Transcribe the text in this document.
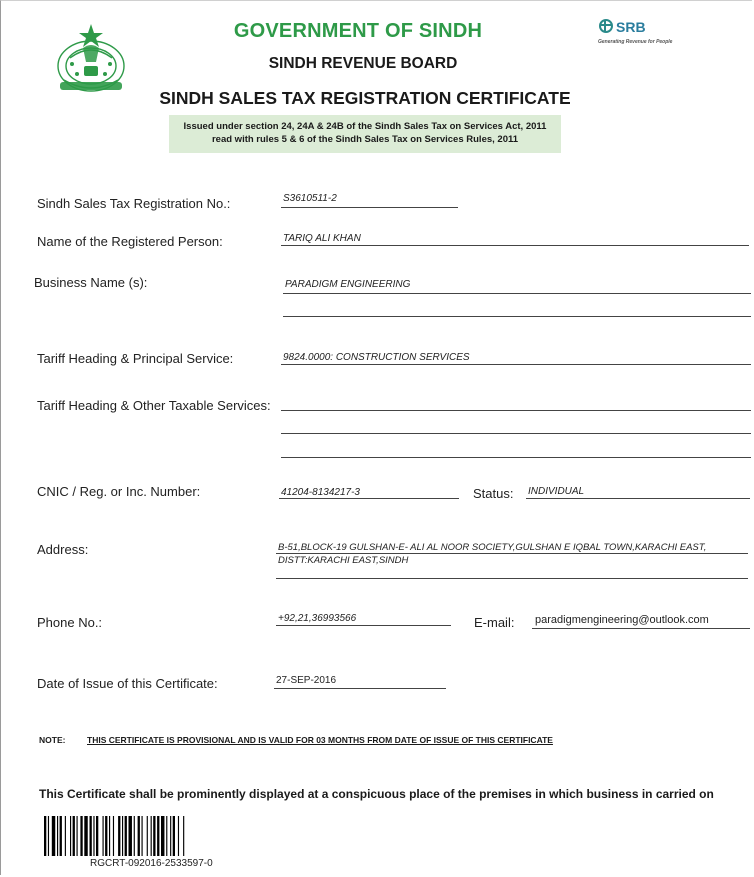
GOVERNMENT OF SINDH
SINDH REVENUE BOARD
SINDH SALES TAX REGISTRATION CERTIFICATE
SRB
Generating Revenue for People
Issued under section 24, 24A & 24B of the Sindh Sales Tax on Services Act, 2011
read with rules 5 & 6 of the Sindh Sales Tax on Services Rules, 2011
Sindh Sales Tax Registration No.:	S3610511-2
Name of the Registered Person:	TARIQ ALI KHAN
Business Name (s):	PARADIGM ENGINEERING
Tariff Heading & Principal Service:	9824.0000: CONSTRUCTION SERVICES
Tariff Heading & Other Taxable Services:
CNIC / Reg. or Inc. Number:	41204-8134217-3	Status: INDIVIDUAL
Address:	B-51,BLOCK-19 GULSHAN-E- ALI AL NOOR SOCIETY,GULSHAN E IQBAL TOWN,KARACHI EAST,
DISTT:KARACHI EAST,SINDH
Phone No.:	+92,21,36993566	E-mail: paradigmengineering@outlook.com
Date of Issue of this Certificate:	27-SEP-2016
NOTE:	THIS CERTIFICATE IS PROVISIONAL AND IS VALID FOR 03 MONTHS FROM DATE OF ISSUE OF THIS CERTIFICATE
This Certificate shall be prominently displayed at a conspicuous place of the premises in which business in carried on
RGCRT-092016-2533597-0
